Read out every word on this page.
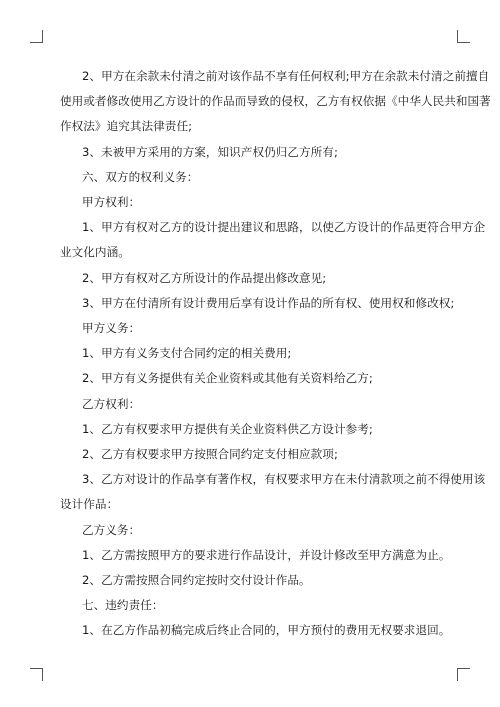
2、甲方在余款未付清之前对该作品不享有任何权利;甲方在余款未付清之前擅自
使用或者修改使用乙方设计的作品而导致的侵权，乙方有权依据《中华人民共和国著
作权法》追究其法律责任;
3、未被甲方采用的方案，知识产权仍归乙方所有;
六、双方的权利义务：
甲方权利：
1、甲方有权对乙方的设计提出建议和思路，以使乙方设计的作品更符合甲方企
业文化内涵。
2、甲方有权对乙方所设计的作品提出修改意见;
3、甲方在付清所有设计费用后享有设计作品的所有权、使用权和修改权;
甲方义务：
1、甲方有义务支付合同约定的相关费用;
2、甲方有义务提供有关企业资料或其他有关资料给乙方;
乙方权利：
1、乙方有权要求甲方提供有关企业资料供乙方设计参考;
2、乙方有权要求甲方按照合同约定支付相应款项;
3、乙方对设计的作品享有著作权，有权要求甲方在未付清款项之前不得使用该
设计作品：
乙方义务：
1、乙方需按照甲方的要求进行作品设计，并设计修改至甲方满意为止。
2、乙方需按照合同约定按时交付设计作品。
七、违约责任：
1、在乙方作品初稿完成后终止合同的，甲方预付的费用无权要求退回。
